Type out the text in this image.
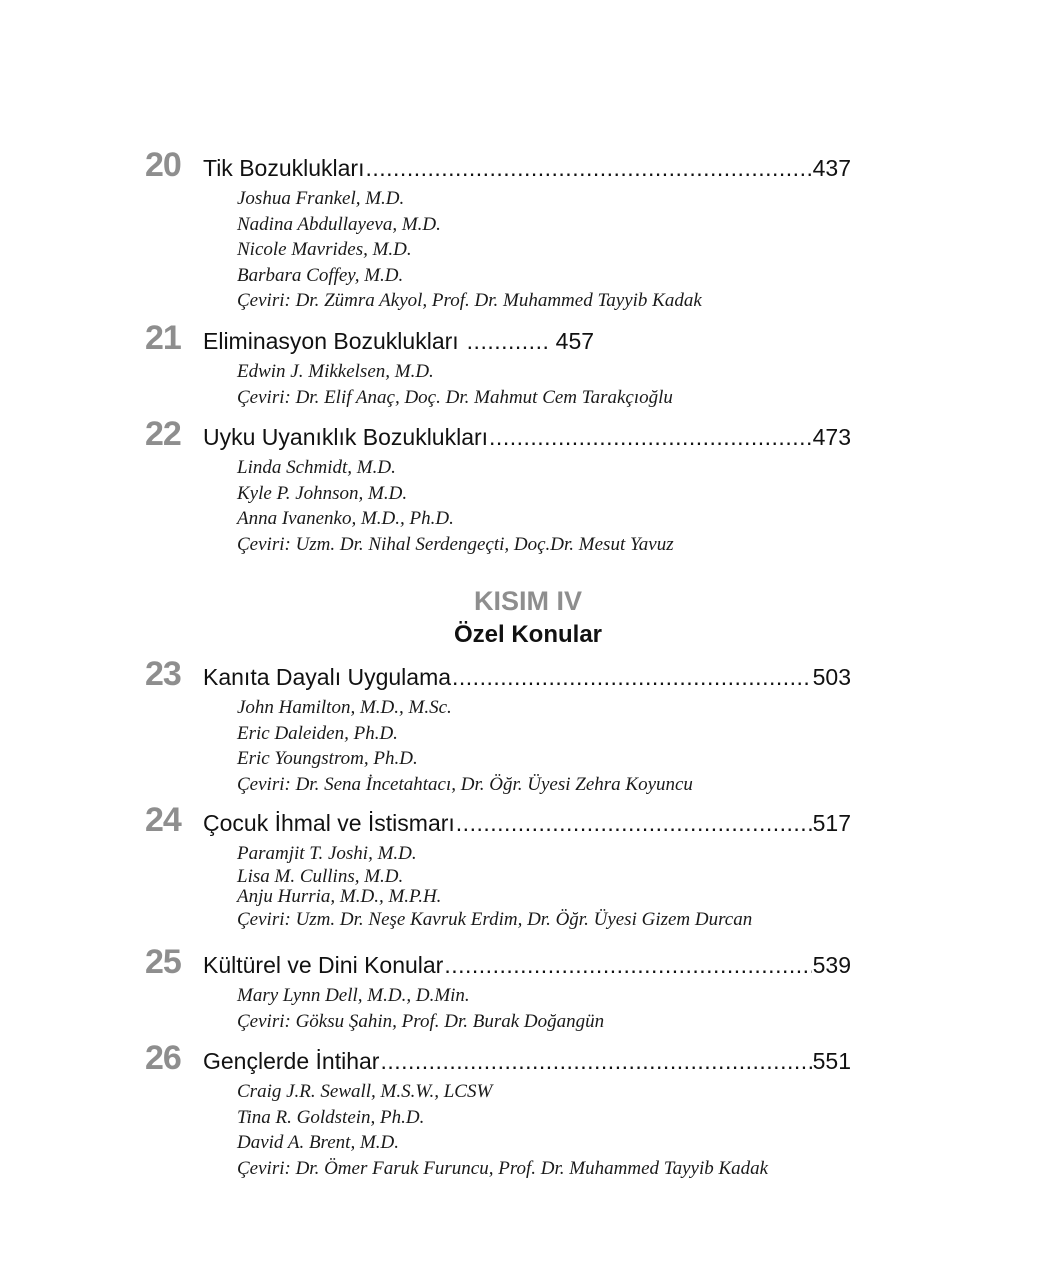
20 Tik Bozuklukları .....	437
Joshua Frankel, M.D.
Nadina Abdullayeva, M.D.
Nicole Mavrides, M.D.
Barbara Coffey, M.D.
Çeviri: Dr. Zümra Akyol, Prof. Dr. Muhammed Tayyib Kadak
21 Eliminasyon Bozuklukları .....	457
Edwin J. Mikkelsen, M.D.
Çeviri: Dr. Elif Anaç, Doç. Dr. Mahmut Cem Tarakçıoğlu
22 Uyku Uyanıklık Bozuklukları .....	473
Linda Schmidt, M.D.
Kyle P. Johnson, M.D.
Anna Ivanenko, M.D., Ph.D.
Çeviri: Uzm. Dr. Nihal Serdengeçti, Doç.Dr. Mesut Yavuz
KISIM IV
Özel Konular
23 Kanıta Dayalı Uygulama .....	503
John Hamilton, M.D., M.Sc.
Eric Daleiden, Ph.D.
Eric Youngstrom, Ph.D.
Çeviri: Dr. Sena İncetahtacı, Dr. Öğr. Üyesi Zehra Koyuncu
24 Çocuk İhmal ve İstismarı .....	517
Paramjit T. Joshi, M.D.
Lisa M. Cullins, M.D.
Anju Hurria, M.D., M.P.H.
Çeviri: Uzm. Dr. Neşe Kavruk Erdim, Dr. Öğr. Üyesi Gizem Durcan
25 Kültürel ve Dini Konular .....	539
Mary Lynn Dell, M.D., D.Min.
Çeviri: Göksu Şahin, Prof. Dr. Burak Doğangün
26 Gençlerde İntihar .....	551
Craig J.R. Sewall, M.S.W., LCSW
Tina R. Goldstein, Ph.D.
David A. Brent, M.D.
Çeviri: Dr. Ömer Faruk Furuncu, Prof. Dr. Muhammed Tayyib Kadak
